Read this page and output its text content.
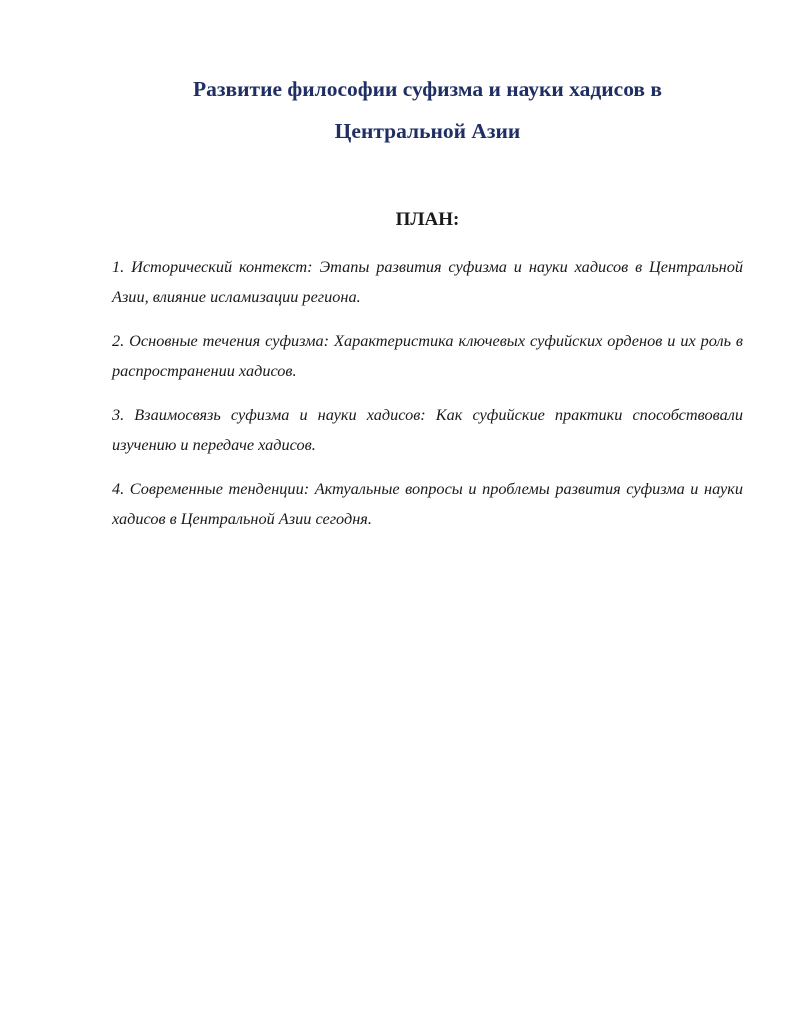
Развитие философии суфизма и науки хадисов в
Центральной Азии
ПЛАН:
1. Исторический контекст: Этапы развития суфизма и науки хадисов в Центральной Азии, влияние исламизации региона.
2. Основные течения суфизма: Характеристика ключевых суфийских орденов и их роль в распространении хадисов.
3. Взаимосвязь суфизма и науки хадисов: Как суфийские практики способствовали изучению и передаче хадисов.
4. Современные тенденции: Актуальные вопросы и проблемы развития суфизма и науки хадисов в Центральной Азии сегодня.
